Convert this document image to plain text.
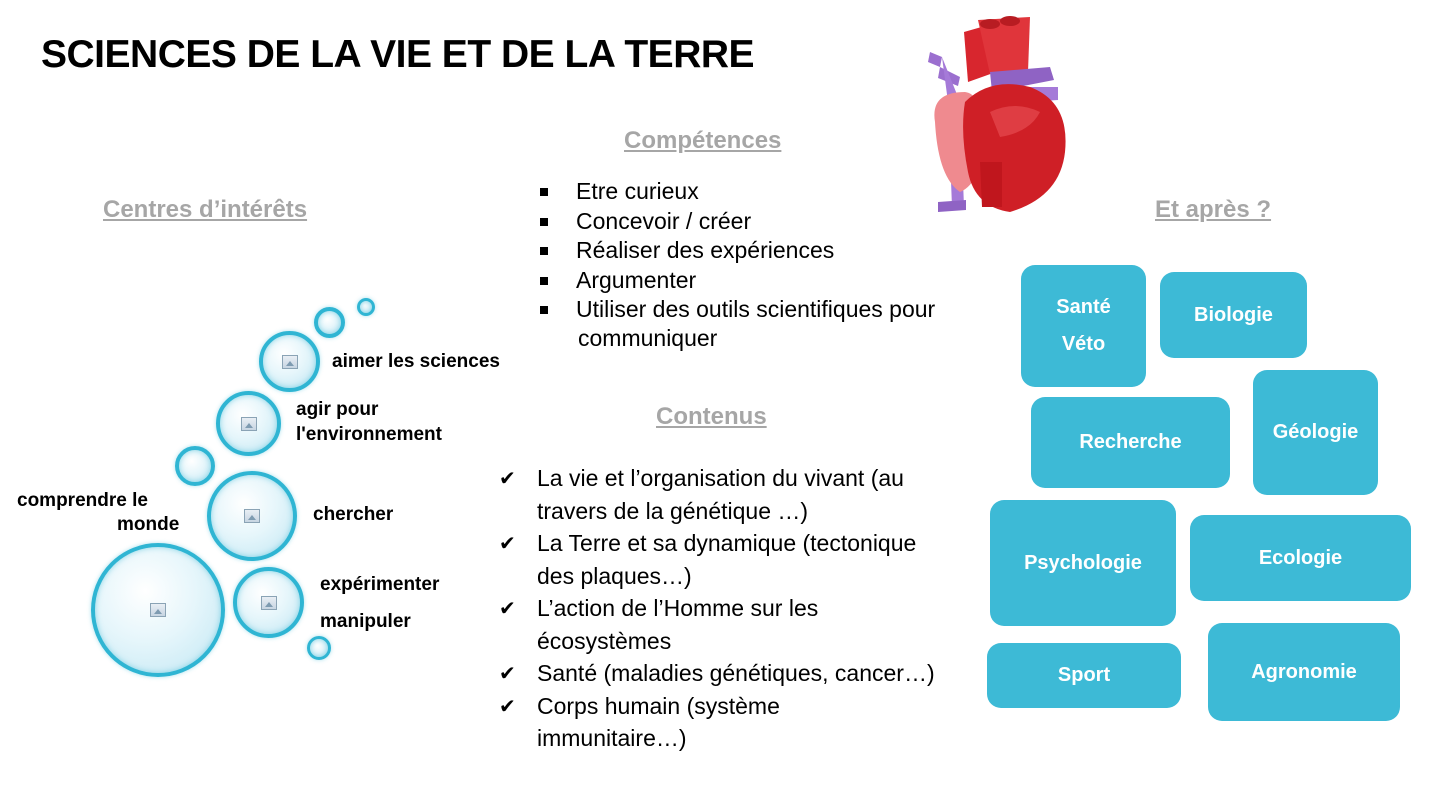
SCIENCES DE LA VIE ET DE LA TERRE
Centres d’intérêts
aimer les sciences
agir pour
l'environnement
chercher
comprendre le
monde
expérimenter
manipuler
Compétences
Etre curieux
Concevoir / créer
Réaliser des expériences
Argumenter
Utiliser des outils scientifiques pour
communiquer
Contenus
✔ La vie et l’organisation du vivant (au
travers de la génétique …)
✔ La Terre et sa dynamique (tectonique
des plaques…)
✔ L’action de l’Homme sur les
écosystèmes
✔ Santé (maladies génétiques, cancer…)
✔ Corps humain (système
immunitaire…)
Et après ?
Santé
Véto
Biologie
Recherche	Géologie
Psychologie	Ecologie
Sport	Agronomie
